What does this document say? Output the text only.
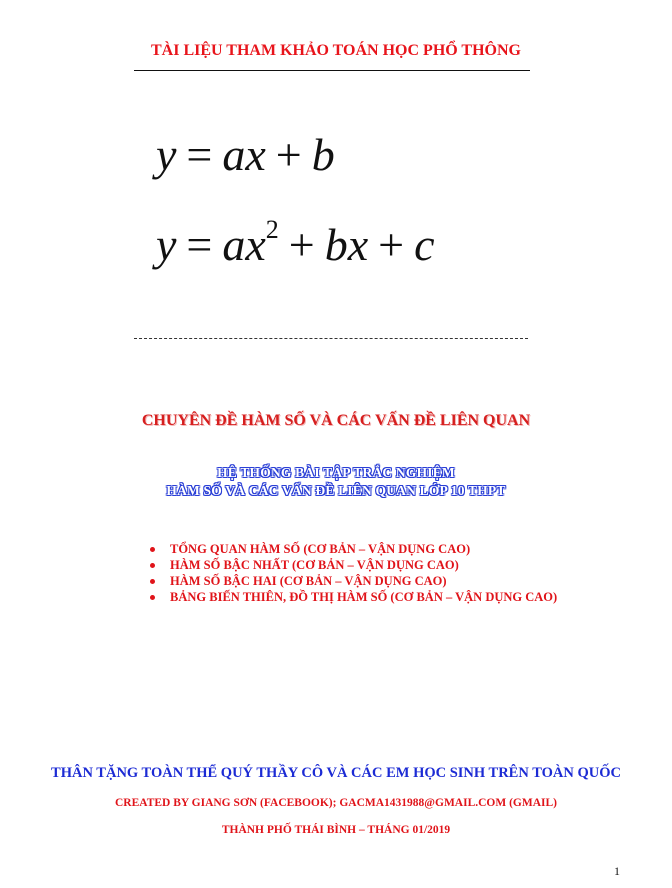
TÀI LIỆU THAM KHẢO TOÁN HỌC PHỔ THÔNG
y = ax + b
$y = ax^2$ + bx + c
CHUYÊN ĐỀ HÀM SỐ VÀ CÁC VẤN ĐỀ LIÊN QUAN
HỆ THỐNG BÀI TẬP TRẮC NGHIỆM
HÀM SỐ VÀ CÁC VẤN ĐỀ LIÊN QUAN LỚP 10 THPT
TỔNG QUAN HÀM SỐ (CƠ BẢN – VẬN DỤNG CAO)
HÀM SỐ BẬC NHẤT (CƠ BẢN – VẬN DỤNG CAO)
HÀM SỐ BẬC HAI (CƠ BẢN – VẬN DỤNG CAO)
BẢNG BIẾN THIÊN, ĐỒ THỊ HÀM SỐ (CƠ BẢN – VẬN DỤNG CAO)
THÂN TẶNG TOÀN THỂ QUÝ THẦY CÔ VÀ CÁC EM HỌC SINH TRÊN TOÀN QUỐC
CREATED BY GIANG SƠN (FACEBOOK); GACMA1431988@GMAIL.COM (GMAIL)
THÀNH PHỐ THÁI BÌNH – THÁNG 01/2019
1
